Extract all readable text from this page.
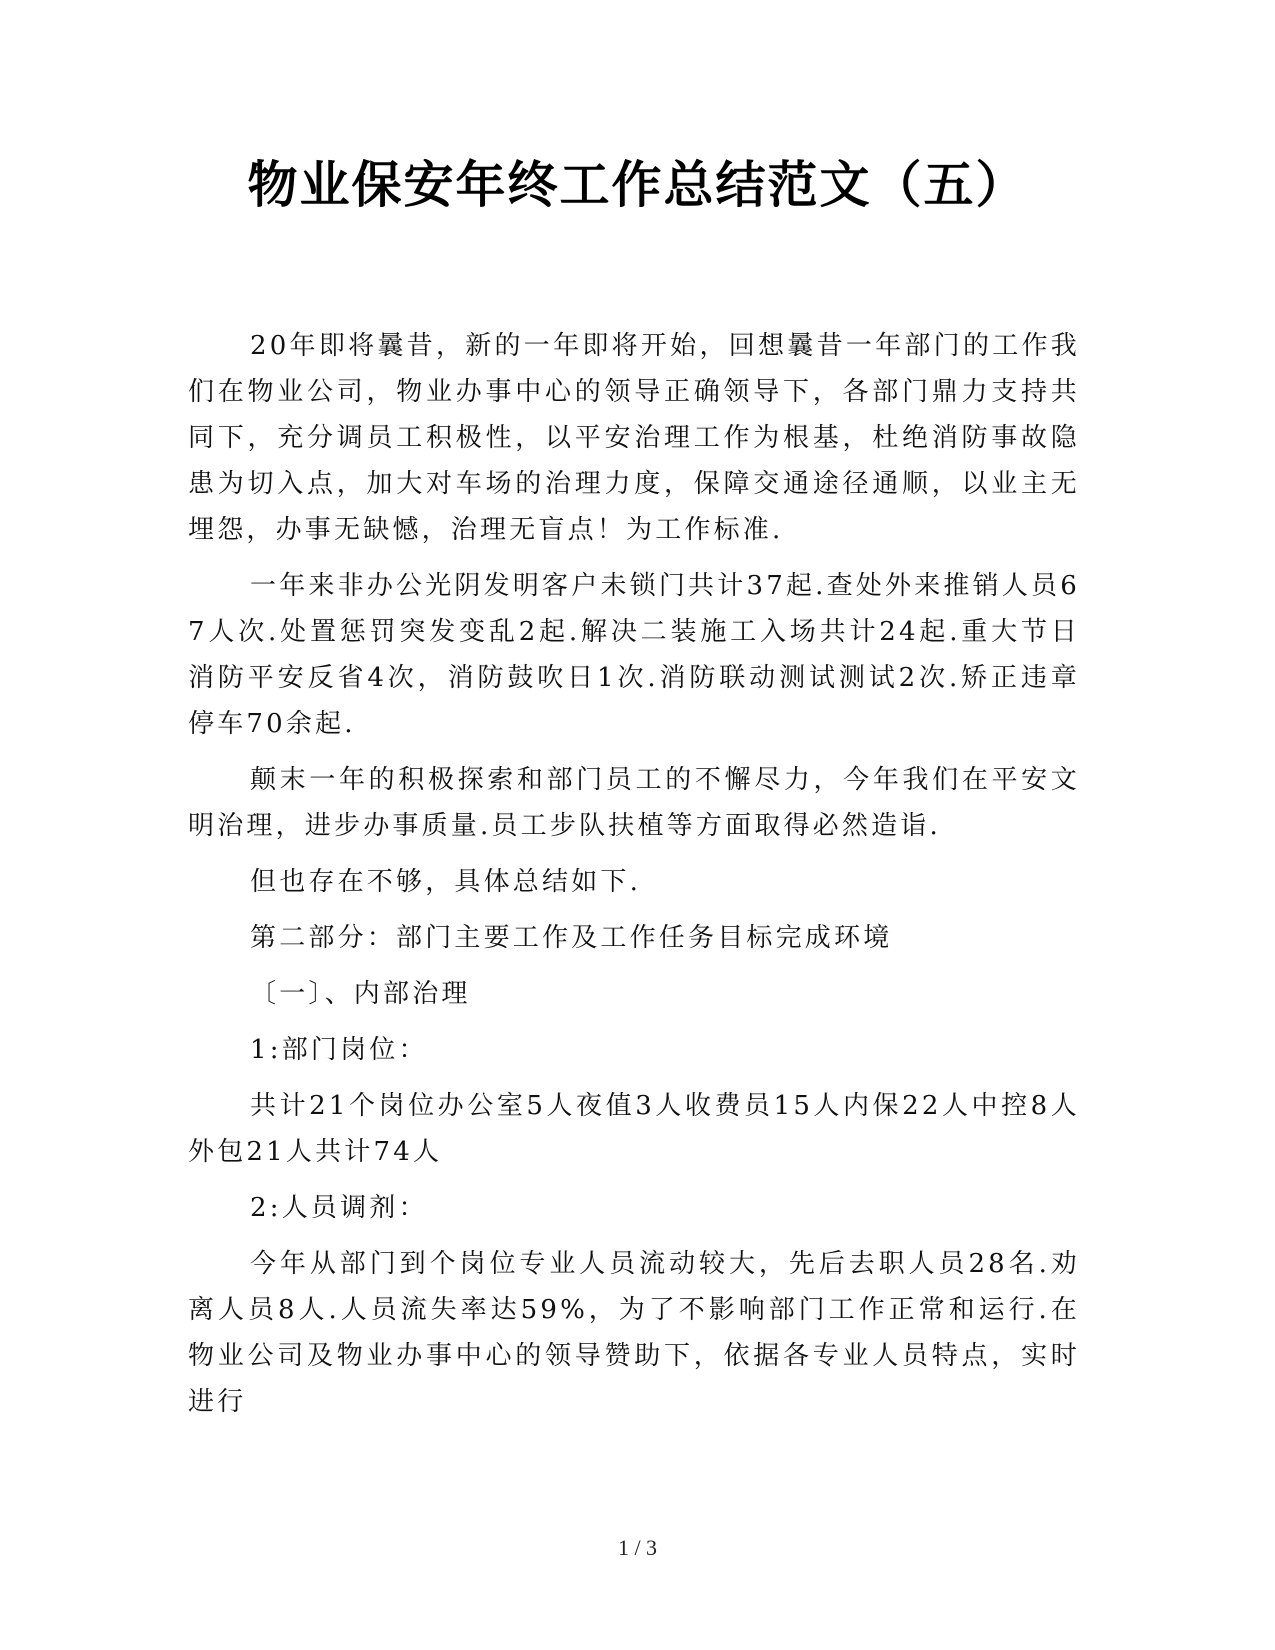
物业保安年终工作总结范文（五）

20年即将曩昔，新的一年即将开始，回想曩昔一年部门的工作我们在物业公司，物业办事中心的领导正确领导下，各部门鼎力支持共同下，充分调员工积极性，以平安治理工作为根基，杜绝消防事故隐患为切入点，加大对车场的治理力度，保障交通途径通顺，以业主无埋怨，办事无缺憾，治理无盲点！为工作标准.

一年来非办公光阴发明客户未锁门共计37起.查处外来推销人员67人次.处置惩罚突发变乱2起.解决二装施工入场共计24起.重大节日消防平安反省4次，消防鼓吹日1次.消防联动测试测试2次.矫正违章停车70余起.

颠末一年的积极探索和部门员工的不懈尽力，今年我们在平安文明治理，进步办事质量.员工步队扶植等方面取得必然造诣.

但也存在不够，具体总结如下.

第二部分：部门主要工作及工作任务目标完成环境

〔一〕、内部治理

1:部门岗位：

共计21个岗位办公室5人夜值3人收费员15人内保22人中控8人外包21人共计74人

2:人员调剂：

今年从部门到个岗位专业人员流动较大，先后去职人员28名.劝离人员8人.人员流失率达59%，为了不影响部门工作正常和运行.在物业公司及物业办事中心的领导赞助下，依据各专业人员特点，实时进行

1 / 3
